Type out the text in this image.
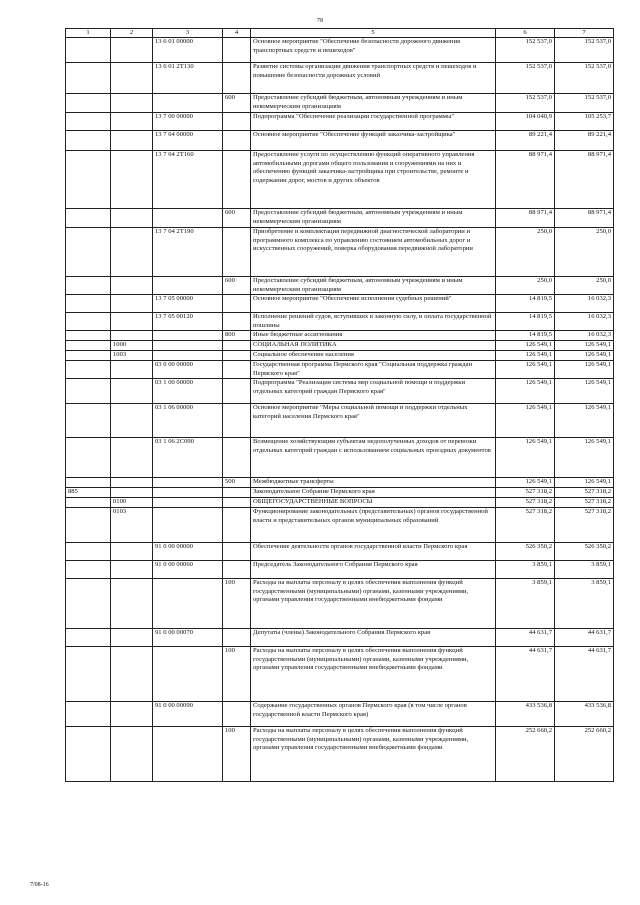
78
1	2	3	4	5	6	7
		13 6 01 00000		Основное мероприятие "Обеспечение безопасности дорожного движения транспортных средств и пешеходов"	152 537,0	152 537,0
		13 6 01 2Т130		Развитие системы организации движения транспортных средств и пешеходов и повышение безопасности дорожных условий	152 537,0	152 537,0
			600	Предоставление субсидий бюджетным, автономным учреждениям и иным некоммерческим организациям	152 537,0	152 537,0
		13 7 00 00000		Подпрограмма "Обеспечение реализации государственной программы"	104 040,9	105 253,7
		13 7 04 00000		Основное мероприятие "Обеспечение функций заказчика-застройщика"	89 221,4	89 221,4
		13 7 04 2Т160		Предоставление услуги по осуществлению функций оперативного управления автомобильными дорогами общего пользования и сооружениями на них и обеспечению функций заказчика-застройщика при строительстве, ремонте и содержании дорог, мостов и других объектов	88 971,4	88 971,4
			600	Предоставление субсидий бюджетным, автономным учреждениям и иным некоммерческим организациям	88 971,4	88 971,4
		13 7 04 2Т190		Приобретение и комплектация передвижной диагностической лаборатории и программного комплекса по управлению состоянием автомобильных дорог и искусственных сооружений, поверка оборудования передвижной лаборатории	250,0	250,0
			600	Предоставление субсидий бюджетным, автономным учреждениям и иным некоммерческим организациям	250,0	250,0
		13 7 05 00000		Основное мероприятие "Обеспечение исполнения судебных решений"	14 819,5	16 032,3
		13 7 05 00120		Исполнение решений судов, вступивших в законную силу, и оплата государственной пошлины	14 819,5	16 032,3
			800	Иные бюджетные ассигнования	14 819,5	16 032,3
	1000			СОЦИАЛЬНАЯ ПОЛИТИКА	126 549,1	126 549,1
	1003			Социальное обеспечение населения	126 549,1	126 549,1
		03 0 00 00000		Государственная программа Пермского края "Социальная поддержка граждан Пермского края"	126 549,1	126 549,1
		03 1 00 00000		Подпрограмма "Реализация системы мер социальной помощи и поддержки отдельных категорий граждан Пермского края"	126 549,1	126 549,1
		03 1 06 00000		Основное мероприятие "Меры социальной помощи и поддержки отдельных категорий населения Пермского края"	126 549,1	126 549,1
		03 1 06 2С090		Возмещение хозяйствующим субъектам недополученных доходов от перевозки отдельных категорий граждан с использованием социальных проездных документов	126 549,1	126 549,1
			500	Межбюджетные трансферты	126 549,1	126 549,1
885				Законодательное Собрание Пермского края	527 318,2	527 318,2
	0100			ОБЩЕГОСУДАРСТВЕННЫЕ ВОПРОСЫ	527 318,2	527 318,2
	0103			Функционирование законодательных (представительных) органов государственной власти и представительных органов муниципальных образований	527 318,2	527 318,2
		91 0 00 00000		Обеспечение деятельности органов государственной власти Пермского края	526 350,2	526 350,2
		91 0 00 00060		Председатель Законодательного Собрания Пермского края	3 859,1	3 859,1
			100	Расходы на выплаты персоналу в целях обеспечения выполнения функций государственными (муниципальными) органами, казенными учреждениями, органами управления государственными внебюджетными фондами	3 859,1	3 859,1
		91 0 00 00070		Депутаты (члены) Законодательного Собрания Пермского края	44 631,7	44 631,7
			100	Расходы на выплаты персоналу в целях обеспечения выполнения функций государственными (муниципальными) органами, казенными учреждениями, органами управления государственными внебюджетными фондами	44 631,7	44 631,7
		91 0 00 00090		Содержание государственных органов Пермского края (в том числе органов государственной власти Пермского края)	433 536,8	433 536,8
			100	Расходы на выплаты персоналу в целях обеспечения выполнения функций государственными (муниципальными) органами, казенными учреждениями, органами управления государственными внебюджетными фондами	252 660,2	252 660,2
7/08-16
